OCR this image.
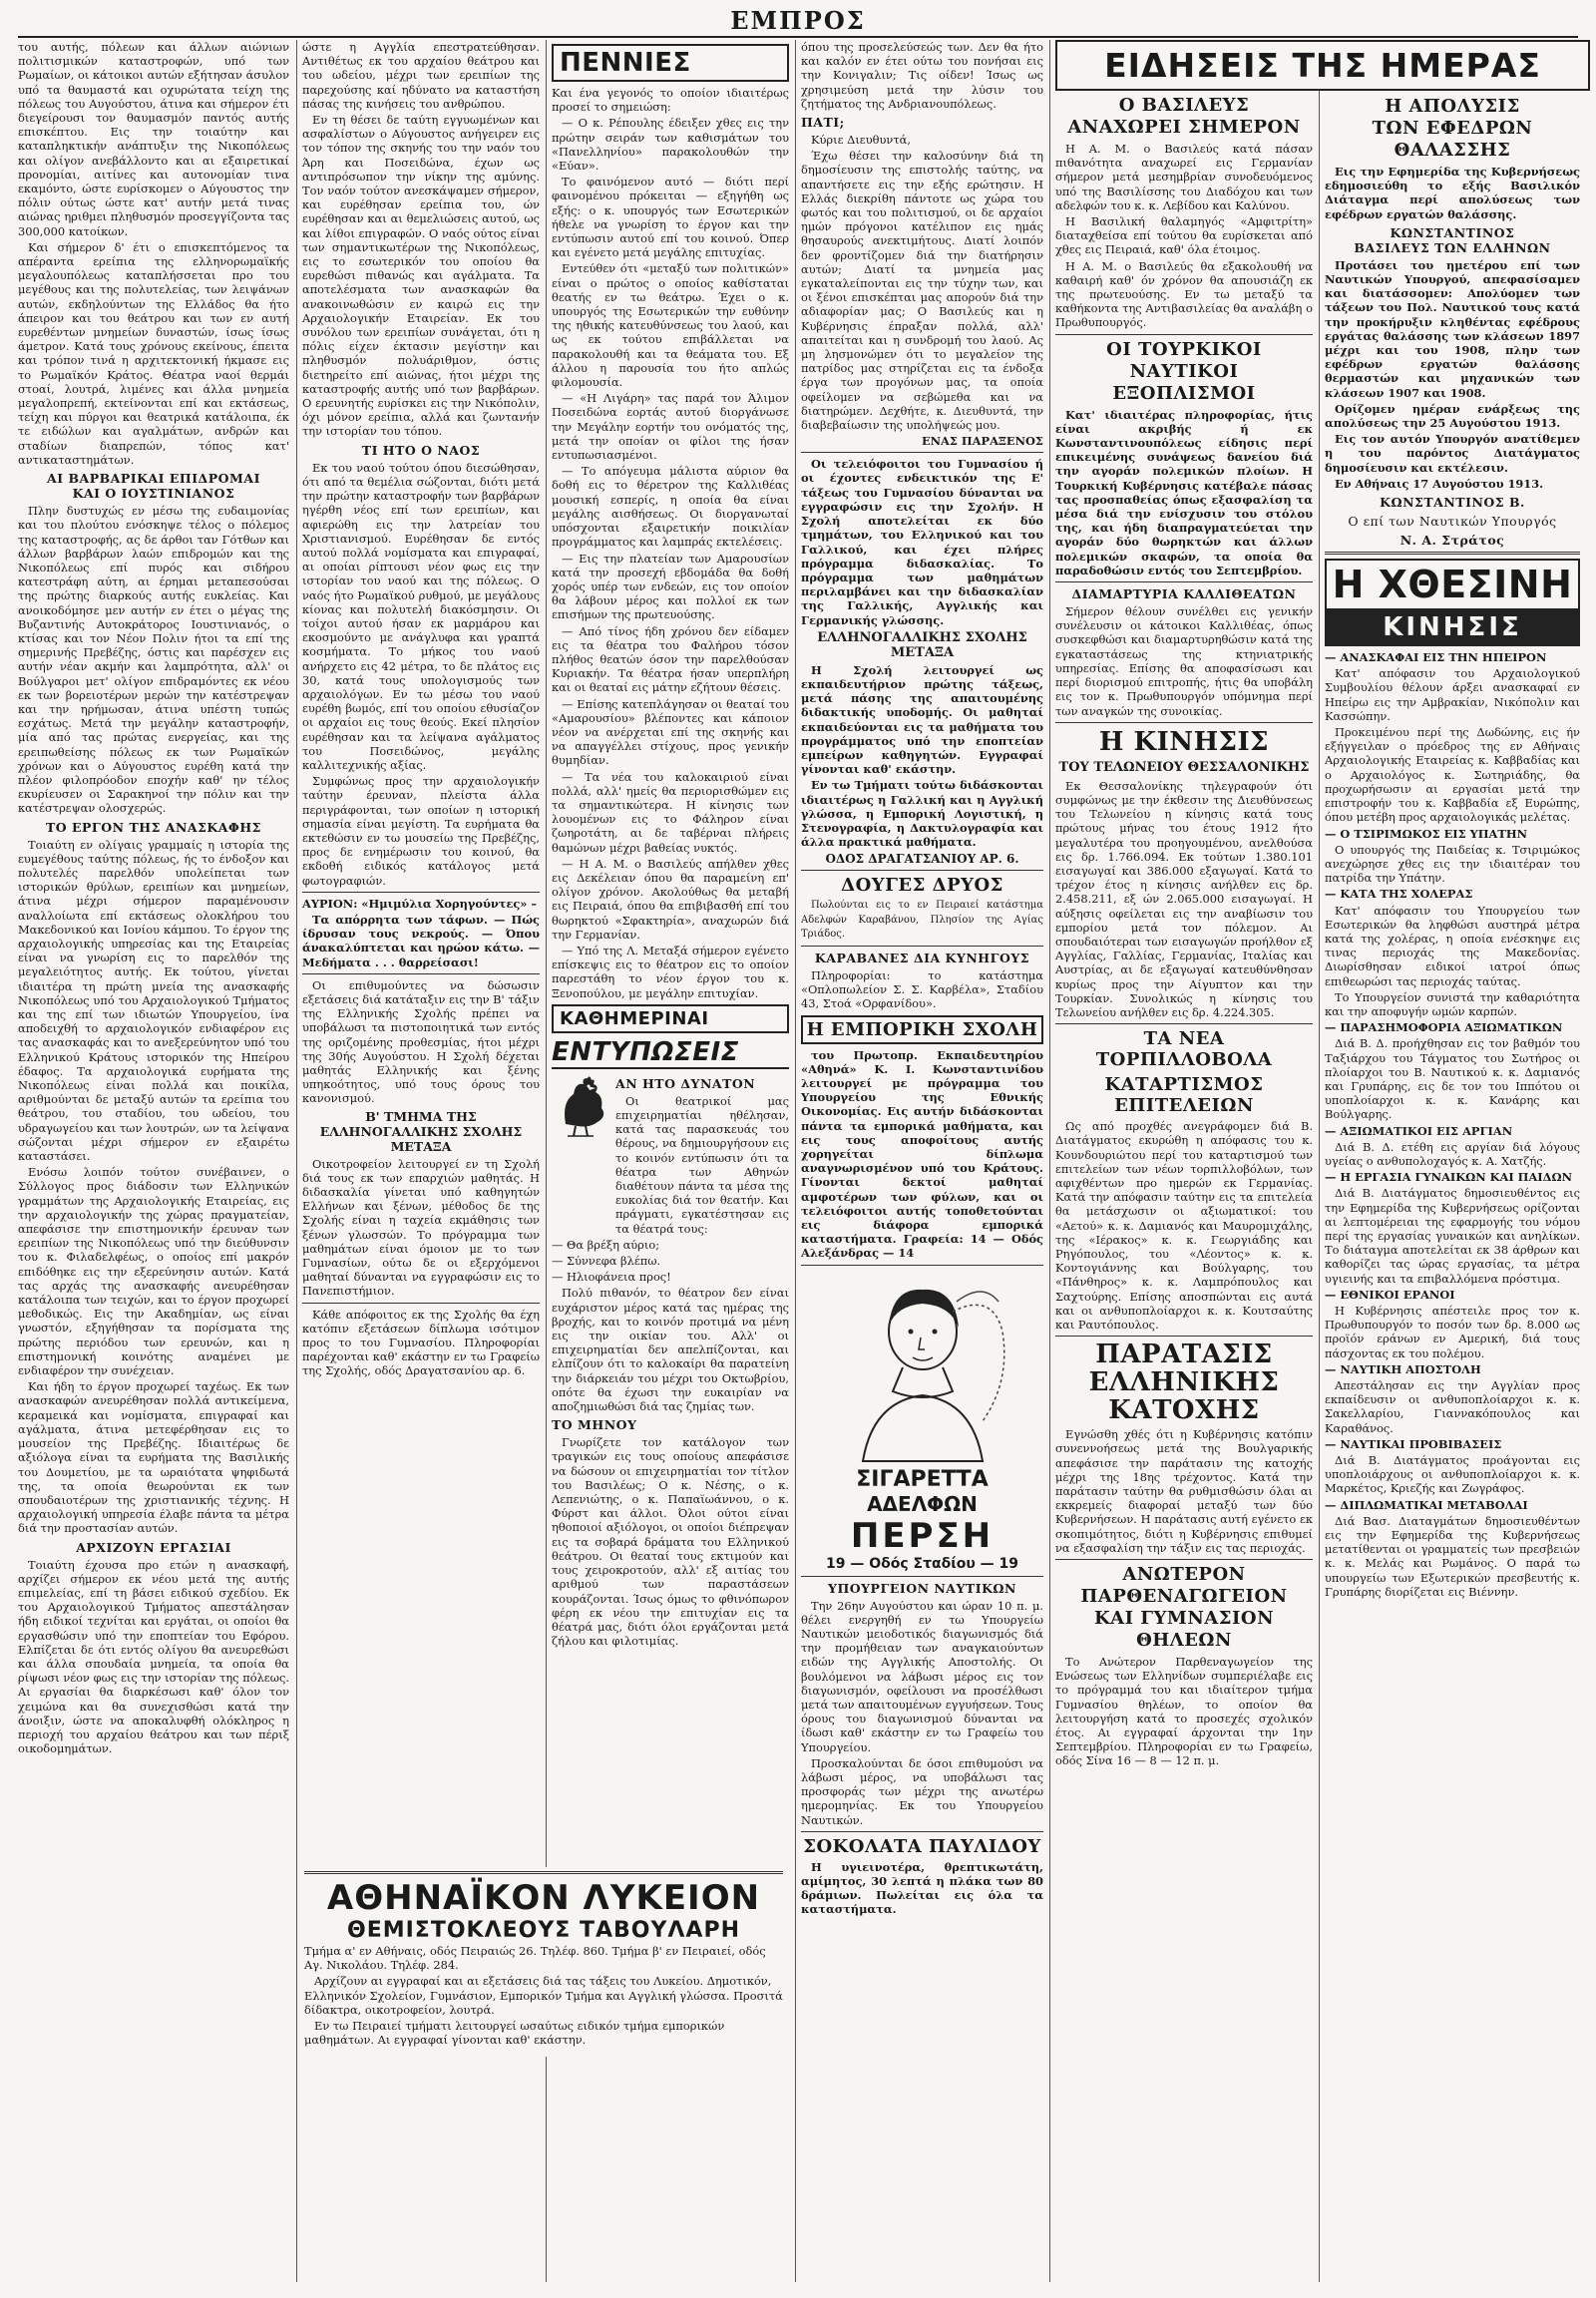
ΕΜΠΡΟΣ

του αυτής, πόλεων και άλλων αιώνιων πολιτισμικών καταστροφών, υπό των Ρωμαίων, οι κάτοικοι αυτών εξήτησαν άσυλον υπό τα θαυμαστά και οχυρώτατα τείχη της πόλεως του Αυγούστου, άτινα και σήμερον έτι διεγείρουσι τον θαυμασμόν παντός αυτής επισκέπτου. Εις την τοιαύτην και καταπληκτικήν ανάπτυξιν της Νικοπόλεως και ολίγον ανεβάλλοντο και αι εξαιρετικαί προνομίαι, αιτίνες και αυτονομίαν τινα εκαμόντο, ώστε ευρίσκομεν ο Αύγουστος την πόλιν ούτως ώστε κατ' αυτήν μετά τινας αιώνας ηριθμει πληθυσμόν προσεγγίζοντα τας 300,000 κατοίκων.

Και σήμερον δ' έτι ο επισκεπτόμενος τα απέραντα ερείπια της ελληνορωμαϊκής μεγαλουπόλεως καταπλήσσεται προ του μεγέθους και της πολυτελείας, των λειψάνων αυτών, εκδηλούντων της Ελλάδος θα ήτο άπειρον και του θεάτρου και των εν αυτή ευρεθέντων μνημείων δυναστών, ίσως ίσως άμετρον. Κατά τους χρόνους εκείνους, έπειτα και τρόπον τινά η αρχιτεκτονική ήκμασε εις το Ρωμαϊκόν Κράτος. Θέατρα ναοί θερμάι στοαί, λουτρά, λιμένες και άλλα μνημεία μεγαλοπρεπή, εκτείνονται επί και εκτάσεως, τείχη και πύργοι και θεατρικά κατάλοιπα, έκ τε ειδώλων και αγαλμάτων, ανδρών και σταδίων διαπρεπών, τόπος κατ' αντικαταστημάτων.

ΑΙ ΒΑΡΒΑΡΙΚΑΙ ΕΠΙΔΡΟΜΑΙ
ΚΑΙ Ο ΙΟΥΣΤΙΝΙΑΝΟΣ

Πλην δυστυχώς εν μέσω της ευδαιμονίας και του πλούτου ενόσκηψε τέλος ο πόλεμος της καταστροφής, ας δε άρθοι ταν Γότθων και άλλων βαρβάρων λαών επιδρομών και της Νικοπόλεως επί πυρός και σιδήρου κατεστράφη αύτη, αι έρημαι μεταπεσούσαι της πρώτης διαρκούς αυτής ευκλείας. Και ανοικοδόμησε μεν αυτήν εν έτει ο μέγας της Βυζαντινής Αυτοκράτορος Ιουστινιανός, ο κτίσας και τον Νέον Πολιν ήτοι τα επί της σημερινής Πρεβέζης, όστις και παρέσχεν εις αυτήν νέαν ακμήν και λαμπρότητα, αλλ' οι Βούλγαροι μετ' ολίγον επιδραμόντες εκ νέου εκ των βορειοτέρων μερών την κατέστρεψαν και την ηρήμωσαν, άτινα υπέστη τυπώς εσχάτως. Μετά την μεγάλην καταστροφήν, μία από τας πρώτας ενεργείας, και της ερειπωθείσης πόλεως εκ των Ρωμαϊκών χρόνων και ο Αύγουστος ευρέθη κατά την πλέον φιλοπρόοδον εποχήν καθ' ην τέλος εκυρίευσεν οι Σαρακηνοί την πόλιν και την κατέστρεψαν ολοσχερώς.

ΤΟ ΕΡΓΟΝ ΤΗΣ ΑΝΑΣΚΑΦΗΣ

Τοιαύτη εν ολίγαις γραμμαίς η ιστορία της ευμεγέθους ταύτης πόλεως, ής το ένδοξον και πολυτελές παρελθόν υπολείπεται των ιστορικών θρύλων, ερειπίων και μνημείων, άτινα μέχρι σήμερον παραμένουσιν αναλλοίωτα επί εκτάσεως ολοκλήρου του Μακεδονικού και Ιονίου κάμπου. Το έργον της αρχαιολογικής υπηρεσίας και της Εταιρείας είναι να γνωρίση εις το παρελθόν της μεγαλειότητος αυτής. Εκ τούτου, γίνεται ιδιαιτέρα τη πρώτη μνεία της ανασκαφής Νικοπόλεως υπό του Αρχαιολογικού Τμήματος και της επί των ιδιωτών Υπουργείου, ίνα αποδειχθή το αρχαιολογικόν ενδιαφέρον εις τας ανασκαφάς και το ανεξερεύνητον υπό του Ελληνικού Κράτους ιστορικόν της Ηπείρου έδαφος. Τα αρχαιολογικά ευρήματα της Νικοπόλεως είναι πολλά και ποικίλα, αριθμούνται δε μεταξύ αυτών τα ερείπια του θεάτρου, του σταδίου, του ωδείου, του υδραγωγείου και των λουτρών, ων τα λείψανα σώζονται μέχρι σήμερον εν εξαιρέτω καταστάσει.

Ενόσω λοιπόν τούτον συνέβαινεν, ο Σύλλογος προς διάδοσιν των Ελληνικών γραμμάτων της Αρχαιολογικής Εταιρείας, εις την αρχαιολογικήν της χώρας πραγματείαν, απεφάσισε την επιστημονικήν έρευναν των ερειπίων της Νικοπόλεως υπό την διεύθυνσιν του κ. Φιλαδελφέως, ο οποίος επί μακρόν επιδόθηκε εις την εξερεύνησιν αυτών. Κατά τας αρχάς της ανασκαφής ανευρέθησαν κατάλοιπα των τειχών, και το έργον προχωρεί μεθοδικώς. Εις την Ακαδημίαν, ως είναι γνωστόν, εξηγήθησαν τα πορίσματα της πρώτης περιόδου των ερευνών, και η επιστημονική κοινότης αναμένει με ενδιαφέρον την συνέχειαν.

Και ήδη το έργον προχωρεί ταχέως. Εκ των ανασκαφών ανευρέθησαν πολλά αντικείμενα, κεραμεικά και νομίσματα, επιγραφαί και αγάλματα, άτινα μετεφέρθησαν εις το μουσείον της Πρεβέζης. Ιδιαιτέρως δε αξιόλογα είναι τα ευρήματα της Βασιλικής του Δουμετίου, με τα ωραιότατα ψηφιδωτά της, τα οποία θεωρούνται εκ των σπουδαιοτέρων της χριστιανικής τέχνης. Η αρχαιολογική υπηρεσία έλαβε πάντα τα μέτρα διά την προστασίαν αυτών.

ΑΡΧΙΖΟΥΝ ΕΡΓΑΣΙΑΙ

Τοιαύτη έχουσα προ ετών η ανασκαφή, αρχίζει σήμερον εκ νέου μετά της αυτής επιμελείας, επί τη βάσει ειδικού σχεδίου. Εκ του Αρχαιολογικού Τμήματος απεστάλησαν ήδη ειδικοί τεχνίται και εργάται, οι οποίοι θα εργασθώσιν υπό την εποπτείαν του Εφόρου. Ελπίζεται δε ότι εντός ολίγου θα ανευρεθώσι και άλλα σπουδαία μνημεία, τα οποία θα ρίψωσι νέον φως εις την ιστορίαν της πόλεως. Αι εργασίαι θα διαρκέσωσι καθ' όλον τον χειμώνα και θα συνεχισθώσι κατά την άνοιξιν, ώστε να αποκαλυφθή ολόκληρος η περιοχή του αρχαίου θεάτρου και των πέριξ οικοδομημάτων.

ώστε η Αγγλία επεστρατεύθησαν. Αντιθέτως εκ του αρχαίου θεάτρου και του ωδείου, μέχρι των ερειπίων της παρεχούσης καί ηδύνατο να καταστήση πάσας της κινήσεις του ανθρώπου.

Εν τη θέσει δε ταύτη εγγυωμένων και ασφαλίστων ο Αύγουστος ανήγειρεν εις τον τόπον της σκηνής του την ναόν του Άρη και Ποσειδώνα, έχων ως αντιπρόσωπον την νίκην της αμύνης. Τον ναόν τούτον ανεσκάψαμεν σήμερον, και ευρέθησαν ερείπια του, ών ευρέθησαν και αι θεμελιώσεις αυτού, ως και λίθοι επιγραφών. Ο ναός ούτος είναι των σημαντικωτέρων της Νικοπόλεως, εις το εσωτερικόν του οποίου θα ευρεθώσι πιθανώς και αγάλματα. Τα αποτελέσματα των ανασκαφών θα ανακοινωθώσιν εν καιρώ εις την Αρχαιολογικήν Εταιρείαν. Εκ του συνόλου των ερειπίων συνάγεται, ότι η πόλις είχεν έκτασιν μεγίστην και πληθυσμόν πολυάριθμον, όστις διετηρείτο επί αιώνας, ήτοι μέχρι της καταστροφής αυτής υπό των βαρβάρων. Ο ερευνητής ευρίσκει εις την Νικόπολιν, όχι μόνον ερείπια, αλλά και ζωντανήν την ιστορίαν του τόπου.

ΤΙ ΗΤΟ Ο ΝΑΟΣ

Εκ του ναού τούτου όπου διεσώθησαν, ότι από τα θεμέλια σώζονται, διότι μετά την πρώτην καταστροφήν των βαρβάρων ηγέρθη νέος επί των ερειπίων, και αφιερώθη εις την λατρείαν του Χριστιανισμού. Ευρέθησαν δε εντός αυτού πολλά νομίσματα και επιγραφαί, αι οποίαι ρίπτουσι νέον φως εις την ιστορίαν του ναού και της πόλεως. Ο ναός ήτο Ρωμαϊκού ρυθμού, με μεγάλους κίονας και πολυτελή διακόσμησιν. Οι τοίχοι αυτού ήσαν εκ μαρμάρου και εκοσμούντο με ανάγλυφα και γραπτά κοσμήματα. Το μήκος του ναού ανήρχετο εις 42 μέτρα, το δε πλάτος εις 30, κατά τους υπολογισμούς των αρχαιολόγων. Εν τω μέσω του ναού ευρέθη βωμός, επί του οποίου εθυσίαζον οι αρχαίοι εις τους θεούς. Εκεί πλησίον ευρέθησαν και τα λείψανα αγάλματος του Ποσειδώνος, μεγάλης καλλιτεχνικής αξίας.

Συμφώνως προς την αρχαιολογικήν ταύτην έρευναν, πλείστα άλλα περιγράφονται, των οποίων η ιστορική σημασία είναι μεγίστη. Τα ευρήματα θα εκτεθώσιν εν τω μουσείω της Πρεβέζης, προς δε ενημέρωσιν του κοινού, θα εκδοθή ειδικός κατάλογος μετά φωτογραφιών.

ΑΥΡΙΟΝ: «Ημιμύλια Χορηγούντες» –

Τα απόρρητα των τάφων. — Πώς ίδρυσαν τους νεκρούς. — Όπου άνακαλύπτεται και ηρώον κάτω. — Μεδήματα . . . θαρρείσασι!

Οι επιθυμούντες να δώσωσιν εξετάσεις διά κατάταξιν εις την Β' τάξιν της Ελληνικής Σχολής πρέπει να υποβάλωσι τα πιστοποιητικά των εντός της οριζομένης προθεσμίας, ήτοι μέχρι της 30ής Αυγούστου. Η Σχολή δέχεται μαθητάς Ελληνικής και ξένης υπηκοότητος, υπό τους όρους του κανονισμού.

Β' ΤΜΗΜΑ ΤΗΣ ΕΛΛΗΝΟΓΑΛΛΙΚΗΣ ΣΧΟΛΗΣ ΜΕΤΑΞΑ

Οικοτροφείον λειτουργεί εν τη Σχολή διά τους εκ των επαρχιών μαθητάς. Η διδασκαλία γίνεται υπό καθηγητών Ελλήνων και ξένων, μέθοδος δε της Σχολής είναι η ταχεία εκμάθησις των ξένων γλωσσών. Το πρόγραμμα των μαθημάτων είναι όμοιον με το των Γυμνασίων, ούτω δε οι εξερχόμενοι μαθηταί δύνανται να εγγραφώσιν εις το Πανεπιστήμιον.

Κάθε απόφοιτος εκ της Σχολής θα έχη κατόπιν εξετάσεων δίπλωμα ισότιμον προς το του Γυμνασίου. Πληροφορίαι παρέχονται καθ' εκάστην εν τω Γραφείω της Σχολής, οδός Δραγατσανίου αρ. 6.

ΠΕΝΝΙΕΣ

Και ένα γεγονός το οποίον ιδιαιτέρως προσεί το σημειώση:

— Ο κ. Ρέπουλης έδειξεν χθες εις την πρώτην σειράν των καθισμάτων του «Πανελληνίου» παρακολουθών την «Εύαν».

Το φαινόμενον αυτό — διότι περί φαινομένου πρόκειται — εξηγήθη ως εξής: ο κ. υπουργός των Εσωτερικών ήθελε να γνωρίση το έργον και την εντύπωσιν αυτού επί του κοινού. Όπερ και εγένετο μετά μεγάλης επιτυχίας.

Εντεύθεν ότι «μεταξύ των πολιτικών» είναι ο πρώτος ο οποίος καθίσταται θεατής εν τω θεάτρω. Έχει ο κ. υπουργός της Εσωτερικών την ευθύνην της ηθικής κατευθύνσεως του λαού, και ως εκ τούτου επιβάλλεται να παρακολουθή και τα θεάματα του. Εξ άλλου η παρουσία του ήτο απλώς φιλομουσία.

— «Η Λιγάρη» τας παρά τον Άλιμον Ποσειδώνα εορτάς αυτού διοργάνωσε την Μεγάλην εορτήν του ονόματός της, μετά την οποίαν οι φίλοι της ήσαν εντυπωσιασμένοι.

— Το απόγευμα μάλιστα αύριον θα δοθή εις το θέρετρον της Καλλιθέας μουσική εσπερίς, η οποία θα είναι μεγάλης αισθήσεως. Οι διοργανωταί υπόσχονται εξαιρετικήν ποικιλίαν προγράμματος και λαμπράς εκτελέσεις.

— Εις την πλατείαν των Αμαρουσίων κατά την προσεχή εβδομάδα θα δοθή χορός υπέρ των ενδεών, εις τον οποίον θα λάβουν μέρος και πολλοί εκ των επισήμων της πρωτευούσης.

— Από τίνος ήδη χρόνου δεν είδαμεν εις τα θέατρα του Φαλήρου τόσον πλήθος θεατών όσον την παρελθούσαν Κυριακήν. Τα θέατρα ήσαν υπερπλήρη και οι θεαταί εις μάτην εζήτουν θέσεις.

— Επίσης κατεπλάγησαν οι θεαταί του «Αμαρουσίου» βλέποντες και κάποιον νέον να ανέρχεται επί της σκηνής και να απαγγέλλει στίχους, προς γενικήν θυμηδίαν.

— Τα νέα του καλοκαιριού είναι πολλά, αλλ' ημείς θα περιορισθώμεν εις τα σημαντικώτερα. Η κίνησις των λουομένων εις το Φάληρον είναι ζωηροτάτη, αι δε ταβέρναι πλήρεις θαμώνων μέχρι βαθείας νυκτός.

— Η Α. Μ. ο Βασιλεύς απήλθεν χθες εις Δεκέλειαν όπου θα παραμείνη επ' ολίγον χρόνον. Ακολούθως θα μεταβή εις Πειραιά, όπου θα επιβιβασθή επί του θωρηκτού «Σφακτηρία», αναχωρών διά την Γερμανίαν.

— Υπό της Λ. Μεταξά σήμερον εγένετο επίσκεψις εις το θέατρον εις το οποίον παρεστάθη το νέον έργον του κ. Ξενοπούλου, με μεγάλην επιτυχίαν.

ΚΑΘΗΜΕΡΙΝΑΙ
ΕΝΤΥΠΩΣΕΙΣ
ΑΝ ΗΤΟ ΔΥΝΑΤΟΝ

Οι θεατρικοί μας επιχειρηματίαι ηθέλησαν, κατά τας παρασκευάς του θέρους, να δημιουργήσουν εις το κοινόν εντύπωσιν ότι τα θέατρα των Αθηνών διαθέτουν πάντα τα μέσα της ευκολίας διά τον θεατήν. Και πράγματι, εγκατέστησαν εις τα θέατρά τους:

— Θα βρέξη αύριο;

— Σύννεφα βλέπω.

— Ηλιοφάνεια προς!

Πολύ πιθανόν, το θέατρον δεν είναι ευχάριστον μέρος κατά τας ημέρας της βροχής, και το κοινόν προτιμά να μένη εις την οικίαν του. Αλλ' οι επιχειρηματίαι δεν απελπίζονται, και ελπίζουν ότι το καλοκαίρι θα παρατείνη την διάρκειάν του μέχρι του Οκτωβρίου, οπότε θα έχωσι την ευκαιρίαν να αποζημιωθώσι διά τας ζημίας των.

ΤΟ ΜΗΝΟΥ

Γνωρίζετε τον κατάλογον των τραγικών εις τους οποίους απεφάσισε να δώσουν οι επιχειρηματίαι τον τίτλον του Βασιλέως; Ο κ. Νέσης, ο κ. Λεπενιώτης, ο κ. Παπαϊωάννου, ο κ. Φύρστ και άλλοι. Όλοι ούτοι είναι ηθοποιοί αξιόλογοι, οι οποίοι διέπρεψαν εις τα σοβαρά δράματα του Ελληνικού θεάτρου. Οι θεαταί τους εκτιμούν και τους χειροκροτούν, αλλ' εξ αιτίας του αριθμού των παραστάσεων κουράζονται. Ίσως όμως το φθινόπωρον φέρη εκ νέου την επιτυχίαν εις τα θέατρά μας, διότι όλοι εργάζονται μετά ζήλου και φιλοτιμίας.

ΑΘΗΝΑΪΚΟΝ ΛΥΚΕΙΟΝ
ΘΕΜΙΣΤΟΚΛΕΟΥΣ ΤΑΒΟΥΛΑΡΗ

Τμήμα α' εν Αθήναις, οδός Πειραιώς 26. Τηλέφ. 860. Τμήμα β' εν Πειραιεί, οδός Αγ. Νικολάου. Τηλέφ. 284.

Αρχίζουν αι εγγραφαί και αι εξετάσεις διά τας τάξεις του Λυκείου. Δημοτικόν, Ελληνικόν Σχολείον, Γυμνάσιον, Εμπορικόν Τμήμα και Αγγλική γλώσσα. Προσιτά δίδακτρα, οικοτροφείον, λουτρά.

Εν τω Πειραιεί τμήματι λειτουργεί ωσαύτως ειδικόν τμήμα εμπορικών μαθημάτων. Αι εγγραφαί γίνονται καθ' εκάστην.

όπου της προσελεύσεώς των. Δεν θα ήτο και καλόν εν έτει ούτω του πονήσαι εις την Κονιγαλιν; Τις οίδεν! Ίσως ως χρησιμεύση μετά την λύσιν του ζητήματος της Ανδριανουπόλεως.

ΠΑΤΙ;

Κύριε Διευθυντά,

Έχω θέσει την καλοσύνην διά τη δημοσίευσιν της επιστολής ταύτης, να απαντήσετε εις την εξής ερώτησιν. Η Ελλάς διεκρίθη πάντοτε ως χώρα του φωτός και του πολιτισμού, οι δε αρχαίοι ημών πρόγονοι κατέλιπον εις ημάς θησαυρούς ανεκτιμήτους. Διατί λοιπόν δεν φροντίζομεν διά την διατήρησιν αυτών; Διατί τα μνημεία μας εγκαταλείπονται εις την τύχην των, και οι ξένοι επισκέπται μας απορούν διά την αδιαφορίαν μας; Ο Βασιλεύς και η Κυβέρνησις έπραξαν πολλά, αλλ' απαιτείται και η συνδρομή του λαού. Ας μη λησμονώμεν ότι το μεγαλείον της πατρίδος μας στηρίζεται εις τα ένδοξα έργα των προγόνων μας, τα οποία οφείλομεν να σεβώμεθα και να διατηρώμεν. Δεχθήτε, κ. Διευθυντά, την διαβεβαίωσιν της υπολήψεώς μου.

ΕΝΑΣ ΠΑΡΑΞΕΝΟΣ

Οι τελειόφοιτοι του Γυμνασίου ή οι έχοντες ενδεικτικόν της Ε' τάξεως του Γυμνασίου δύνανται να εγγραφώσιν εις την Σχολήν. Η Σχολή αποτελείται εκ δύο τμημάτων, του Ελληνικού και του Γαλλικού, και έχει πλήρες πρόγραμμα διδασκαλίας. Το πρόγραμμα των μαθημάτων περιλαμβάνει και την διδασκαλίαν της Γαλλικής, Αγγλικής και Γερμανικής γλώσσης.

ΕΛΛΗΝΟΓΑΛΛΙΚΗΣ ΣΧΟΛΗΣ
ΜΕΤΑΞΑ

Η Σχολή λειτουργεί ως εκπαιδευτήριον πρώτης τάξεως, μετά πάσης της απαιτουμένης διδακτικής υποδομής. Οι μαθηταί εκπαιδεύονται εις τα μαθήματα του προγράμματος υπό την εποπτείαν εμπείρων καθηγητών. Εγγραφαί γίνονται καθ' εκάστην.

Εν τω Τμήματι τούτω διδάσκονται ιδιαιτέρως η Γαλλική και η Αγγλική γλώσσα, η Εμπορική Λογιστική, η Στενογραφία, η Δακτυλογραφία και άλλα πρακτικά μαθήματα.

ΟΔΟΣ ΔΡΑΓΑΤΣΑΝΙΟΥ ΑΡ. 6.
ΔΟΥΓΕΣ ΔΡΥΟΣ

Πωλούνται εις το εν Πειραιεί κατάστημα Αδελφών Καραβάνου, Πλησίον της Αγίας Τριάδος.

ΚΑΡΑΒΑΝΕΣ ΔΙΑ ΚΥΝΗΓΟΥΣ

Πληροφορίαι: το κατάστημα «Οπλοπωλείον Σ. Σ. Καρβέλα», Σταδίου 43, Στοά «Ορφανίδου».

Η ΕΜΠΟΡΙΚΗ ΣΧΟΛΗ

του Πρωτοπρ. Εκπαιδευτηρίου «Αθηνά» Κ. Ι. Κωνσταντινίδου λειτουργεί με πρόγραμμα του Υπουργείου της Εθνικής Οικονομίας. Εις αυτήν διδάσκονται πάντα τα εμπορικά μαθήματα, και εις τους αποφοίτους αυτής χορηγείται δίπλωμα αναγνωρισμένον υπό του Κράτους. Γίνονται δεκτοί μαθηταί αμφοτέρων των φύλων, και οι τελειόφοιτοι αυτής τοποθετούνται εις διάφορα εμπορικά καταστήματα. Γραφεία: 14 — Οδός Αλεξάνδρας — 14

ΣΙΓΑΡΕΤΤΑ
ΑΔΕΛΦΩΝ
ΠΕΡΣΗ
19 — Οδός Σταδίου — 19
ΥΠΟΥΡΓΕΙΟΝ ΝΑΥΤΙΚΩΝ

Την 26ην Αυγούστου και ώραν 10 π. μ. θέλει ενεργηθή εν τω Υπουργείω Ναυτικών μειοδοτικός διαγωνισμός διά την προμήθειαν των αναγκαιούντων ειδών της Αγγλικής Αποστολής. Οι βουλόμενοι να λάβωσι μέρος εις τον διαγωνισμόν, οφείλουσι να προσέλθωσι μετά των απαιτουμένων εγγυήσεων. Τους όρους του διαγωνισμού δύνανται να ίδωσι καθ' εκάστην εν τω Γραφείω του Υπουργείου.

Προσκαλούνται δε όσοι επιθυμούσι να λάβωσι μέρος, να υποβάλωσι τας προσφοράς των μέχρι της ανωτέρω ημερομηνίας. Εκ του Υπουργείου Ναυτικών.

ΣΟΚΟΛΑΤΑ ΠΑΥΛΙΔΟΥ

Η υγιεινοτέρα, θρεπτικωτάτη, αμίμητος, 30 λεπτά η πλάκα των 80 δράμιων. Πωλείται εις όλα τα καταστήματα.

ΕΙΔΗΣΕΙΣ ΤΗΣ ΗΜΕΡΑΣ
Ο ΒΑΣΙΛΕΥΣ
ΑΝΑΧΩΡΕΙ ΣΗΜΕΡΟΝ

Η Α. Μ. ο Βασιλεύς κατά πάσαν πιθανότητα αναχωρεί εις Γερμανίαν σήμερον μετά μεσημβρίαν συνοδευόμενος υπό της Βασιλίσσης του Διαδόχου και των αδελφών του κ. κ. Λεβίδου και Καλύνου.

Η Βασιλική θαλαμηγός «Αμφιτρίτη» διαταχθείσα επί τούτου θα ευρίσκεται από χθες εις Πειραιά, καθ' όλα έτοιμος.

Η Α. Μ. ο Βασιλεύς θα εξακολουθή να καθαιρή καθ' όν χρόνον θα απουσιάζη εκ της πρωτευούσης. Εν τω μεταξύ τα καθήκοντα της Αντιβασιλείας θα αναλάβη ο Πρωθυπουργός.

ΟΙ ΤΟΥΡΚΙΚΟΙ
ΝΑΥΤΙΚΟΙ ΕΞΟΠΛΙΣΜΟΙ

Κατ' ιδιαιτέρας πληροφορίας, ήτις είναι ακριβής ή εκ Κωνσταντινουπόλεως είδησις περί επικειμένης συνάψεως δανείου διά την αγοράν πολεμικών πλοίων. Η Τουρκική Κυβέρνησις κατέβαλε πάσας τας προσπαθείας όπως εξασφαλίση τα μέσα διά την ενίσχυσιν του στόλου της, και ήδη διαπραγματεύεται την αγοράν δύο θωρηκτών και άλλων πολεμικών σκαφών, τα οποία θα παραδοθώσιν εντός του Σεπτεμβρίου.

ΔΙΑΜΑΡΤΥΡΙΑ ΚΑΛΛΙΘΕΑΤΩΝ

Σήμερον θέλουν συνέλθει εις γενικήν συνέλευσιν οι κάτοικοι Καλλιθέας, όπως συσκεφθώσι και διαμαρτυρηθώσιν κατά της εγκαταστάσεως της κτηνιατρικής υπηρεσίας. Επίσης θα αποφασίσωσι και περί διορισμού επιτροπής, ήτις θα υποβάλη εις τον κ. Πρωθυπουργόν υπόμνημα περί των αναγκών της συνοικίας.

Η ΚΙΝΗΣΙΣ
ΤΟΥ ΤΕΛΩΝΕΙΟΥ ΘΕΣΣΑΛΟΝΙΚΗΣ

Εκ Θεσσαλονίκης τηλεγραφούν ότι συμφώνως με την έκθεσιν της Διευθύνσεως του Τελωνείου η κίνησις κατά τους πρώτους μήνας του έτους 1912 ήτο μεγαλυτέρα του προηγουμένου, ανελθούσα εις δρ. 1.766.094. Εκ τούτων 1.380.101 εισαγωγαί και 386.000 εξαγωγαί. Κατά το τρέχον έτος η κίνησις ανήλθεν εις δρ. 2.458.211, εξ ών 2.065.000 εισαγωγαί. Η αύξησις οφείλεται εις την αναβίωσιν του εμπορίου μετά τον πόλεμον. Αι σπουδαιότεραι των εισαγωγών προήλθον εξ Αγγλίας, Γαλλίας, Γερμανίας, Ιταλίας και Αυστρίας, αι δε εξαγωγαί κατευθύνθησαν κυρίως προς την Αίγυπτον και την Τουρκίαν. Συνολικώς η κίνησις του Τελωνείου ανήλθεν εις δρ. 4.224.305.

ΤΑ ΝΕΑ ΤΟΡΠΙΛΛΟΒΟΛΑ
ΚΑΤΑΡΤΙΣΜΟΣ ΕΠΙΤΕΛΕΙΩΝ

Ως από προχθές ανεγράφομεν διά Β. Διατάγματος εκυρώθη η απόφασις του κ. Κουνδουριώτου περί του καταρτισμού των επιτελείων των νέων τορπιλλοβόλων, των αφιχθέντων προ ημερών εκ Γερμανίας. Κατά την απόφασιν ταύτην εις τα επιτελεία θα μετάσχωσιν οι αξιωματικοί: του «Αετού» κ. κ. Δαμιανός και Μαυρομιχάλης, της «Ιέρακος» κ. κ. Γεωργιάδης και Ρηγόπουλος, του «Λέοντος» κ. κ. Κοντογιάννης και Βούλγαρης, του «Πάνθηρος» κ. κ. Λαμπρόπουλος και Σαχτούρης. Επίσης αποσπώνται εις αυτά και οι ανθυποπλοίαρχοι κ. κ. Κουτσαύτης και Ραυτόπουλος.

ΠΑΡΑΤΑΣΙΣ
ΕΛΛΗΝΙΚΗΣ ΚΑΤΟΧΗΣ

Εγνώσθη χθές ότι η Κυβέρνησις κατόπιν συνεννοήσεως μετά της Βουλγαρικής απεφάσισε την παράτασιν της κατοχής μέχρι της 18ης τρέχοντος. Κατά την παράτασιν ταύτην θα ρυθμισθώσιν όλαι αι εκκρεμείς διαφοραί μεταξύ των δύο Κυβερνήσεων. Η παράτασις αυτή εγένετο εκ σκοπιμότητος, διότι η Κυβέρνησις επιθυμεί να εξασφαλίση την τάξιν εις τας περιοχάς.

ΑΝΩΤΕΡΟΝ ΠΑΡΘΕΝΑΓΩΓΕΙΟΝ
ΚΑΙ ΓΥΜΝΑΣΙΟΝ ΘΗΛΕΩΝ

Το Ανώτερον Παρθεναγωγείον της Ενώσεως των Ελληνίδων συμπεριέλαβε εις το πρόγραμμά του και ιδιαίτερον τμήμα Γυμνασίου θηλέων, το οποίον θα λειτουργήση κατά το προσεχές σχολικόν έτος. Αι εγγραφαί άρχονται την 1ην Σεπτεμβρίου. Πληροφορίαι εν τω Γραφείω, οδός Σίνα 16 — 8 — 12 π. μ.

Η ΑΠΟΛΥΣΙΣ
ΤΩΝ ΕΦΕΔΡΩΝ ΘΑΛΑΣΣΗΣ

Εις την Εφημερίδα της Κυβερνήσεως εδημοσιεύθη το εξής Βασιλικόν Διάταγμα περί απολύσεως των εφέδρων εργατών θαλάσσης.

ΚΩΝΣΤΑΝΤΙΝΟΣ
ΒΑΣΙΛΕΥΣ ΤΩΝ ΕΛΛΗΝΩΝ

Προτάσει του ημετέρου επί των Ναυτικών Υπουργού, απεφασίσαμεν και διατάσσομεν: Απολύομεν των τάξεων του Πολ. Ναυτικού τους κατά την προκήρυξιν κληθέντας εφέδρους εργάτας θαλάσσης των κλάσεων 1897 μέχρι και του 1908, πλην των εφέδρων εργατών θαλάσσης θερμαστών και μηχανικών των κλάσεων 1907 και 1908.

Ορίζομεν ημέραν ενάρξεως της απολύσεως την 25 Αυγούστου 1913.

Εις τον αυτόν Υπουργόν ανατίθεμεν η του παρόντος Διατάγματος δημοσίευσιν και εκτέλεσιν.

Εν Αθήναις 17 Αυγούστου 1913.

ΚΩΝΣΤΑΝΤΙΝΟΣ Β.
Ο επί των Ναυτικών Υπουργός
Ν. Α. Στράτος
Η ΧΘΕΣΙΝΗ
ΚΙΝΗΣΙΣ

— ΑΝΑΣΚΑΦΑΙ ΕΙΣ ΤΗΝ ΗΠΕΙΡΟΝ

Κατ' απόφασιν του Αρχαιολογικού Συμβουλίου θέλουν άρξει ανασκαφαί εν Ηπείρω εις την Αμβρακίαν, Νικόπολιν και Κασσώπην.

Προκειμένου περί της Δωδώνης, εις ήν εξήγγειλαν ο πρόεδρος της εν Αθήναις Αρχαιολογικής Εταιρείας κ. Καββαδίας και ο Αρχαιολόγος κ. Σωτηριάδης, θα προχωρήσωσιν αι εργασίαι μετά την επιστροφήν του κ. Καββαδία εξ Ευρώπης, όπου μετέβη προς αρχαιολογικάς μελέτας.

— Ο ΤΣΙΡΙΜΩΚΟΣ ΕΙΣ ΥΠΑΤΗΝ

Ο υπουργός της Παιδείας κ. Τσιριμώκος ανεχώρησε χθες εις την ιδιαιτέραν του πατρίδα την Υπάτην.

— ΚΑΤΑ ΤΗΣ ΧΟΛΕΡΑΣ

Κατ' απόφασιν του Υπουργείου των Εσωτερικών θα ληφθώσι αυστηρά μέτρα κατά της χολέρας, η οποία ενέσκηψε εις τινας περιοχάς της Μακεδονίας. Διωρίσθησαν ειδικοί ιατροί όπως επιθεωρώσι τας περιοχάς ταύτας.

Το Υπουργείον συνιστά την καθαριότητα και την αποφυγήν ωμών καρπών.

— ΠΑΡΑΣΗΜΟΦΟΡΙΑ ΑΞΙΩΜΑΤΙΚΩΝ

Διά Β. Δ. προήχθησαν εις τον βαθμόν του Ταξιάρχου του Τάγματος του Σωτήρος οι πλοίαρχοι του Β. Ναυτικού κ. κ. Δαμιανός και Γρυπάρης, εις δε τον του Ιππότου οι υποπλοίαρχοι κ. κ. Κανάρης και Βούλγαρης.

— ΑΞΙΩΜΑΤΙΚΟΙ ΕΙΣ ΑΡΓΙΑΝ

Διά Β. Δ. ετέθη εις αργίαν διά λόγους υγείας ο ανθυπολοχαγός κ. Α. Χατζής.

— Η ΕΡΓΑΣΙΑ ΓΥΝΑΙΚΩΝ ΚΑΙ ΠΑΙΔΩΝ

Διά Β. Διατάγματος δημοσιευθέντος εις την Εφημερίδα της Κυβερνήσεως ορίζονται αι λεπτομέρειαι της εφαρμογής του νόμου περί της εργασίας γυναικών και ανηλίκων. Το διάταγμα αποτελείται εκ 38 άρθρων και καθορίζει τας ώρας εργασίας, τα μέτρα υγιεινής και τα επιβαλλόμενα πρόστιμα.

— ΕΘΝΙΚΟΙ ΕΡΑΝΟΙ

Η Κυβέρνησις απέστειλε προς τον κ. Πρωθυπουργόν το ποσόν των δρ. 8.000 ως προϊόν εράνων εν Αμερική, διά τους πάσχοντας εκ του πολέμου.

— ΝΑΥΤΙΚΗ ΑΠΟΣΤΟΛΗ

Απεστάλησαν εις την Αγγλίαν προς εκπαίδευσιν οι ανθυποπλοίαρχοι κ. κ. Σακελλαρίου, Γιαννακόπουλος και Καραθάνος.

— ΝΑΥΤΙΚΑΙ ΠΡΟΒΙΒΑΣΕΙΣ

Διά Β. Διατάγματος προάγονται εις υποπλοιάρχους οι ανθυποπλοίαρχοι κ. κ. Μαρκέτος, Κριεζής και Ζωγράφος.

— ΔΙΠΛΩΜΑΤΙΚΑΙ ΜΕΤΑΒΟΛΑΙ

Διά Βασ. Διαταγμάτων δημοσιευθέντων εις την Εφημερίδα της Κυβερνήσεως μετατίθενται οι γραμματείς των πρεσβειών κ. κ. Μελάς και Ρωμάνος. Ο παρά τω υπουργείω των Εξωτερικών πρεσβευτής κ. Γρυπάρης διορίζεται εις Βιέννην.
